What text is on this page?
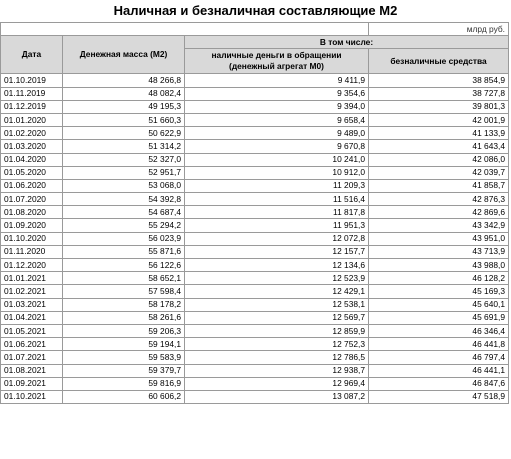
Наличная и безналичная составляющие М2
			млрд руб.
Дата	Денежная масса (М2)	В том числе:	
		наличные деньги в обращении (денежный агрегат М0)	безналичные средства
01.10.2019	48 266,8	9 411,9	38 854,9
01.11.2019	48 082,4	9 354,6	38 727,8
01.12.2019	49 195,3	9 394,0	39 801,3
01.01.2020	51 660,3	9 658,4	42 001,9
01.02.2020	50 622,9	9 489,0	41 133,9
01.03.2020	51 314,2	9 670,8	41 643,4
01.04.2020	52 327,0	10 241,0	42 086,0
01.05.2020	52 951,7	10 912,0	42 039,7
01.06.2020	53 068,0	11 209,3	41 858,7
01.07.2020	54 392,8	11 516,4	42 876,3
01.08.2020	54 687,4	11 817,8	42 869,6
01.09.2020	55 294,2	11 951,3	43 342,9
01.10.2020	56 023,9	12 072,8	43 951,0
01.11.2020	55 871,6	12 157,7	43 713,9
01.12.2020	56 122,6	12 134,6	43 988,0
01.01.2021	58 652,1	12 523,9	46 128,2
01.02.2021	57 598,4	12 429,1	45 169,3
01.03.2021	58 178,2	12 538,1	45 640,1
01.04.2021	58 261,6	12 569,7	45 691,9
01.05.2021	59 206,3	12 859,9	46 346,4
01.06.2021	59 194,1	12 752,3	46 441,8
01.07.2021	59 583,9	12 786,5	46 797,4
01.08.2021	59 379,7	12 938,7	46 441,1
01.09.2021	59 816,9	12 969,4	46 847,6
01.10.2021	60 606,2	13 087,2	47 518,9
